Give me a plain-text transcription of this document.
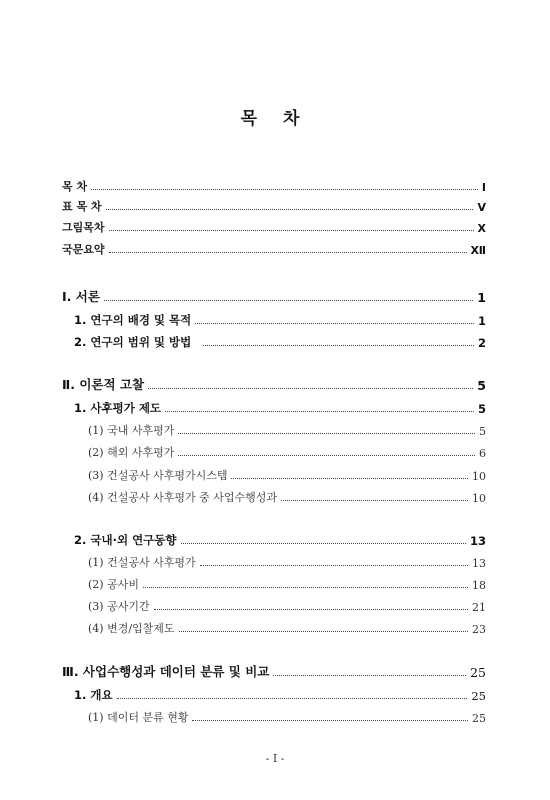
목 차
목 차	Ⅰ
표 목 차	Ⅴ
그림목차	Ⅹ
국문요약	Ⅻ
Ⅰ. 서론	1
1. 연구의 배경 및 목적	1
2. 연구의 범위 및 방법	2
Ⅱ. 이론적 고찰	5
1. 사후평가 제도	5
(1) 국내 사후평가	5
(2) 해외 사후평가	6
(3) 건설공사 사후평가시스템	10
(4) 건설공사 사후평가 중 사업수행성과	10
2. 국내·외 연구동향	13
(1) 건설공사 사후평가	13
(2) 공사비	18
(3) 공사기간	21
(4) 변경/입찰제도	23
Ⅲ. 사업수행성과 데이터 분류 및 비교	25
1. 개요	25
(1) 데이터 분류 현황	25
- I -
